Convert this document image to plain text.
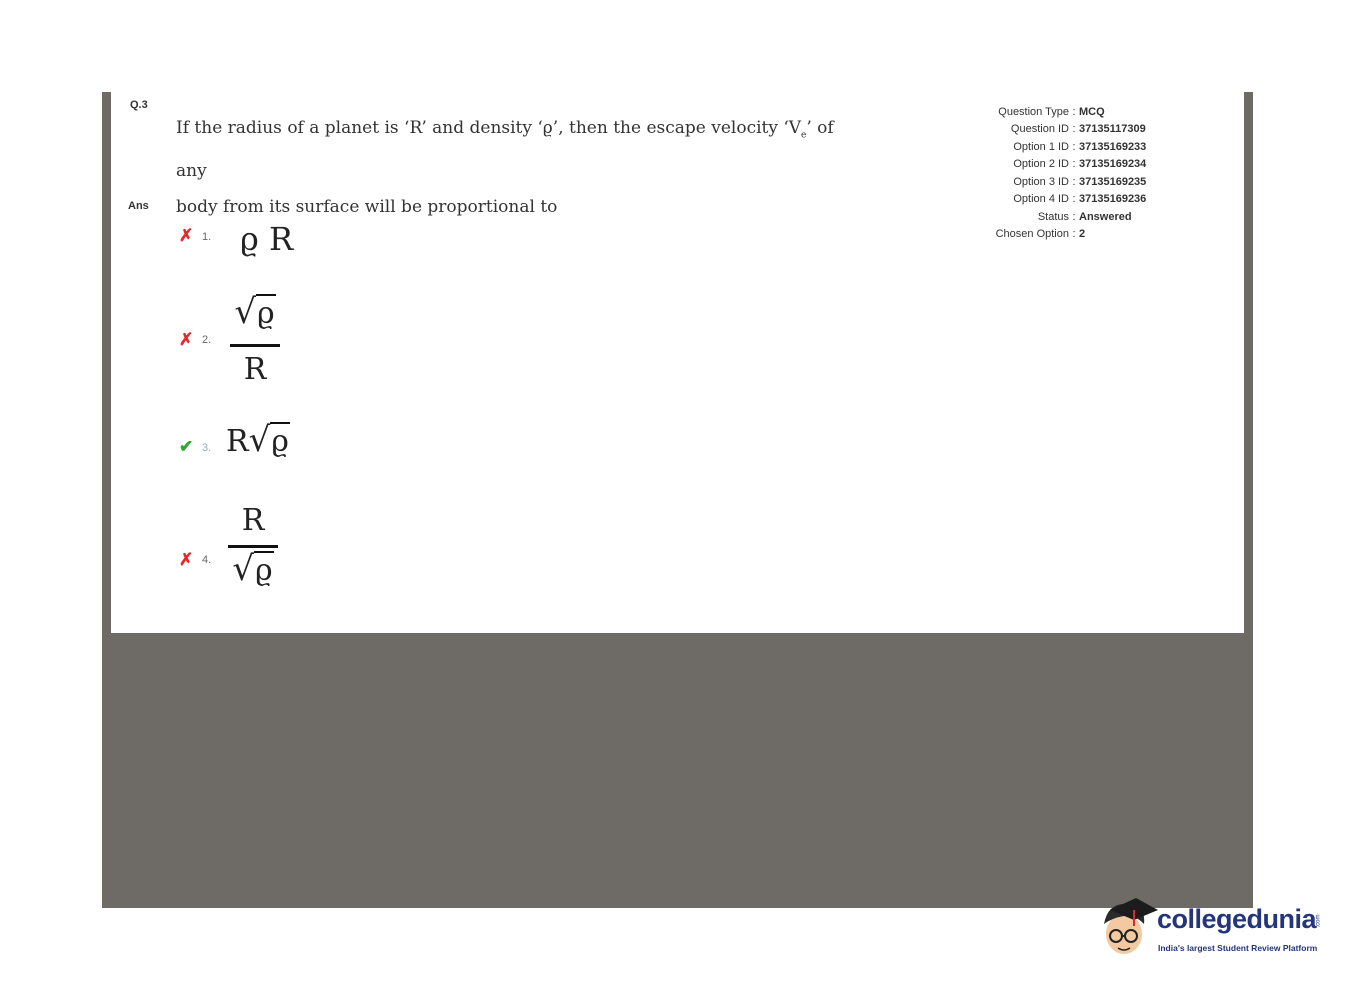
Q.3
If the radius of a planet is ‘R’ and density ‘ϱ’, then the escape velocity ‘$V_e$’ of any
body from its surface will be proportional to
Ans
✗ 1. ϱ R
✗ 2.
√ϱ
R
✔ 3. R√ϱ
✗ 4.
R
√ϱ
Question Type : MCQ
Question ID : 37135117309
Option 1 ID : 37135169233
Option 2 ID : 37135169234
Option 3 ID : 37135169235
Option 4 ID : 37135169236
Status : Answered
Chosen Option : 2
collegedunia .com
India's largest Student Review Platform
